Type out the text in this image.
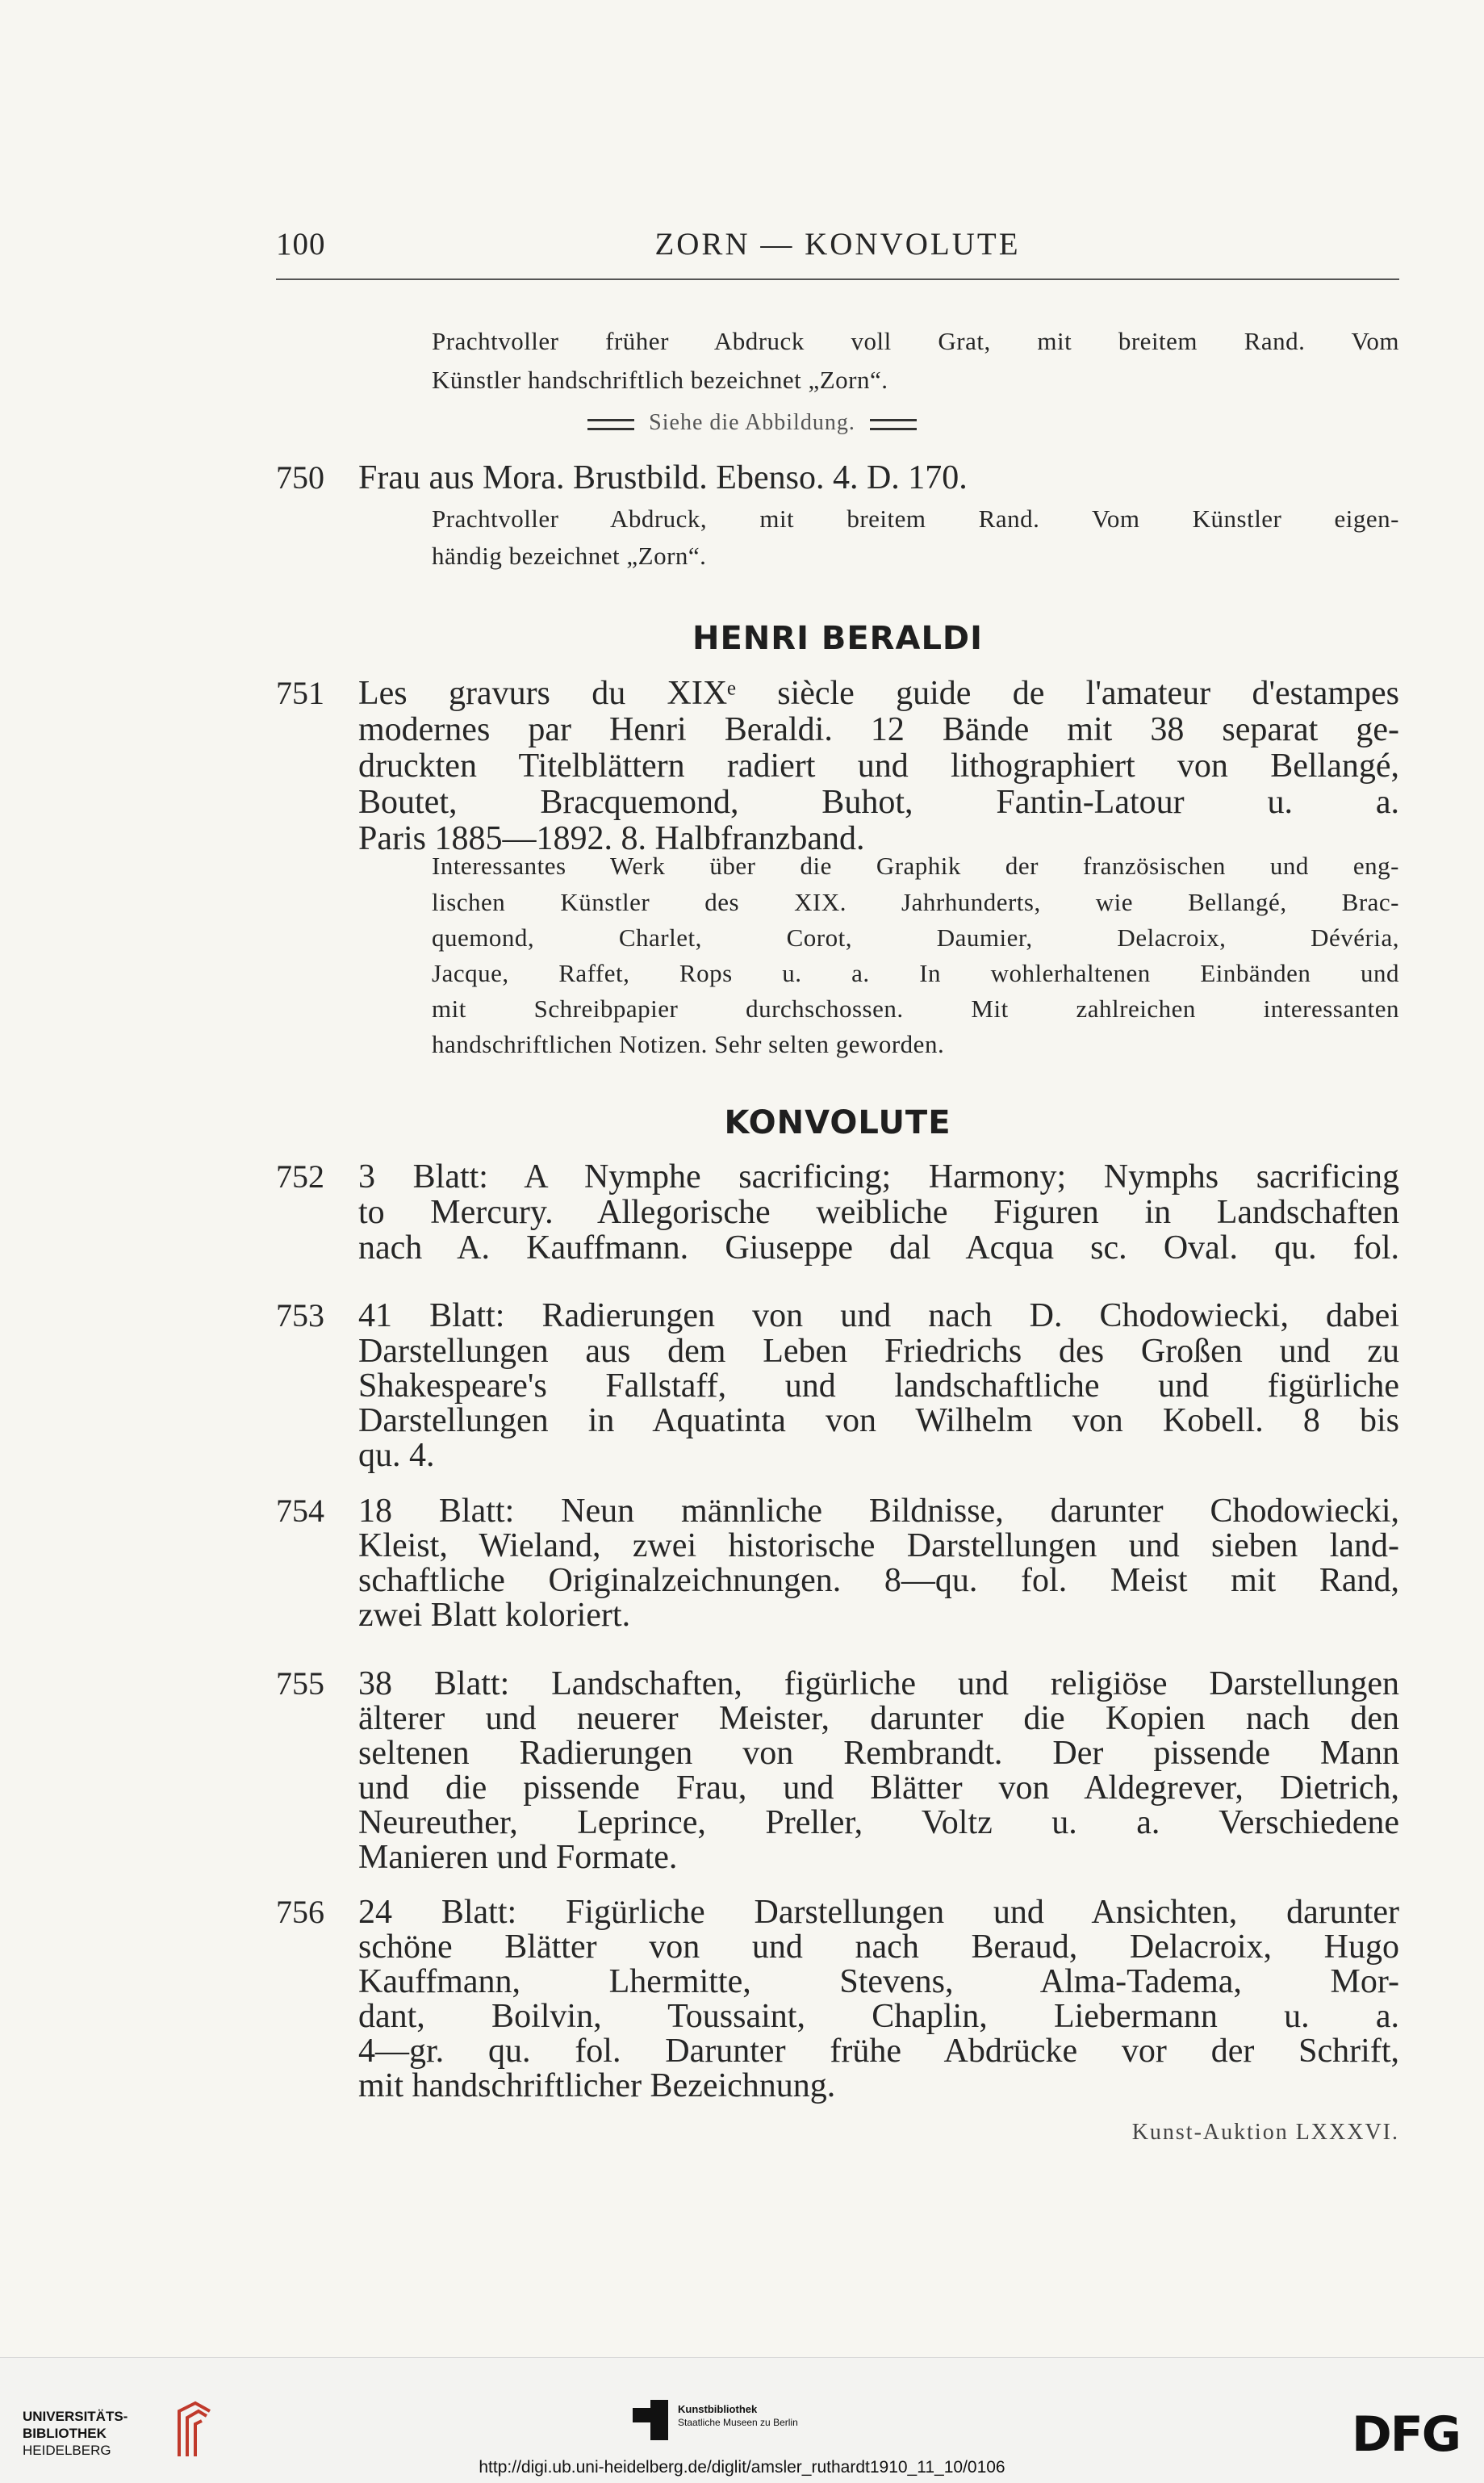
100	ZORN — KONVOLUTE
Prachtvoller früher Abdruck voll Grat, mit breitem Rand. Vom
Künstler handschriftlich bezeichnet „Zorn“.
Siehe die Abbildung.
750 Frau aus Mora. Brustbild. Ebenso. 4. D. 170.
Prachtvoller Abdruck, mit breitem Rand. Vom Künstler eigen-
händig bezeichnet „Zorn“.
HENRI BERALDI
751 Les gravurs du XIXᵉ siècle guide de l'amateur d'estampes
modernes par Henri Beraldi. 12 Bände mit 38 separat ge-
druckten Titelblättern radiert und lithographiert von Bellangé,
Boutet, Bracquemond, Buhot, Fantin-Latour u. a.
Paris 1885—1892. 8. Halbfranzband.
Interessantes Werk über die Graphik der französischen und eng-
lischen Künstler des XIX. Jahrhunderts, wie Bellangé, Brac-
quemond, Charlet, Corot, Daumier, Delacroix, Dévéria,
Jacque, Raffet, Rops u. a. In wohlerhaltenen Einbänden und
mit Schreibpapier durchschossen. Mit zahlreichen interessanten
handschriftlichen Notizen. Sehr selten geworden.
KONVOLUTE
752 3 Blatt: A Nymphe sacrificing; Harmony; Nymphs sacrificing
to Mercury. Allegorische weibliche Figuren in Landschaften
nach A. Kauffmann. Giuseppe dal Acqua sc. Oval. qu. fol.
753 41 Blatt: Radierungen von und nach D. Chodowiecki, dabei
Darstellungen aus dem Leben Friedrichs des Großen und zu
Shakespeare's Fallstaff, und landschaftliche und figürliche
Darstellungen in Aquatinta von Wilhelm von Kobell. 8 bis
qu. 4.
754 18 Blatt: Neun männliche Bildnisse, darunter Chodowiecki,
Kleist, Wieland, zwei historische Darstellungen und sieben land-
schaftliche Originalzeichnungen. 8—qu. fol. Meist mit Rand,
zwei Blatt koloriert.
755 38 Blatt: Landschaften, figürliche und religiöse Darstellungen
älterer und neuerer Meister, darunter die Kopien nach den
seltenen Radierungen von Rembrandt. Der pissende Mann
und die pissende Frau, und Blätter von Aldegrever, Dietrich,
Neureuther, Leprince, Preller, Voltz u. a. Verschiedene
Manieren und Formate.
756 24 Blatt: Figürliche Darstellungen und Ansichten, darunter
schöne Blätter von und nach Beraud, Delacroix, Hugo
Kauffmann, Lhermitte, Stevens, Alma-Tadema, Mor-
dant, Boilvin, Toussaint, Chaplin, Liebermann u. a.
4—gr. qu. fol. Darunter frühe Abdrücke vor der Schrift,
mit handschriftlicher Bezeichnung.
Kunst-Auktion LXXXVI.
UNIVERSITÄTS-
BIBLIOTHEK
HEIDELBERG
Kunstbibliothek
Staatliche Museen zu Berlin	DFG
http://digi.ub.uni-heidelberg.de/diglit/amsler_ruthardt1910_11_10/0106
